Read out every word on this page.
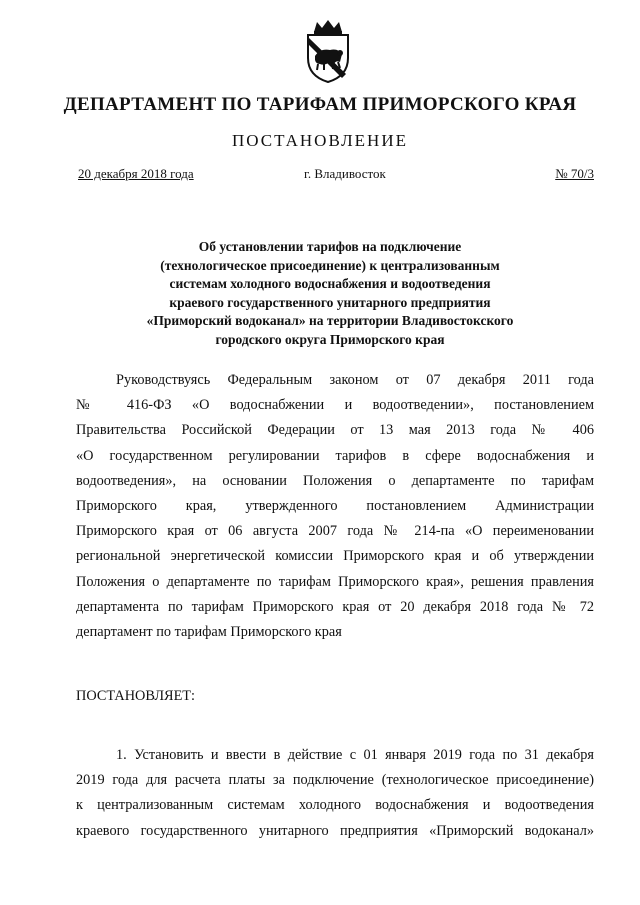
ДЕПАРТАМЕНТ ПО ТАРИФАМ ПРИМОРСКОГО КРАЯ
ПОСТАНОВЛЕНИЕ
20 декабря 2018 года	г. Владивосток	№ 70/3
Об установлении тарифов на подключение
(технологическое присоединение) к централизованным
системам холодного водоснабжения и водоотведения
краевого государственного унитарного предприятия
«Приморский водоканал» на территории Владивостокского
городского округа Приморского края
Руководствуясь Федеральным законом от 07 декабря 2011 года
№ 416-ФЗ «О водоснабжении и водоотведении», постановлением
Правительства Российской Федерации от 13 мая 2013 года № 406
«О государственном регулировании тарифов в сфере водоснабжения и
водоотведения», на основании Положения о департаменте по тарифам
Приморского края, утвержденного постановлением Администрации
Приморского края от 06 августа 2007 года № 214-па «О переименовании
региональной энергетической комиссии Приморского края и об утверждении
Положения о департаменте по тарифам Приморского края», решения правления
департамента по тарифам Приморского края от 20 декабря 2018 года № 72
департамент по тарифам Приморского края
ПОСТАНОВЛЯЕТ:
1. Установить и ввести в действие с 01 января 2019 года по 31 декабря
2019 года для расчета платы за подключение (технологическое присоединение)
к централизованным системам холодного водоснабжения и водоотведения
краевого государственного унитарного предприятия «Приморский водоканал»
